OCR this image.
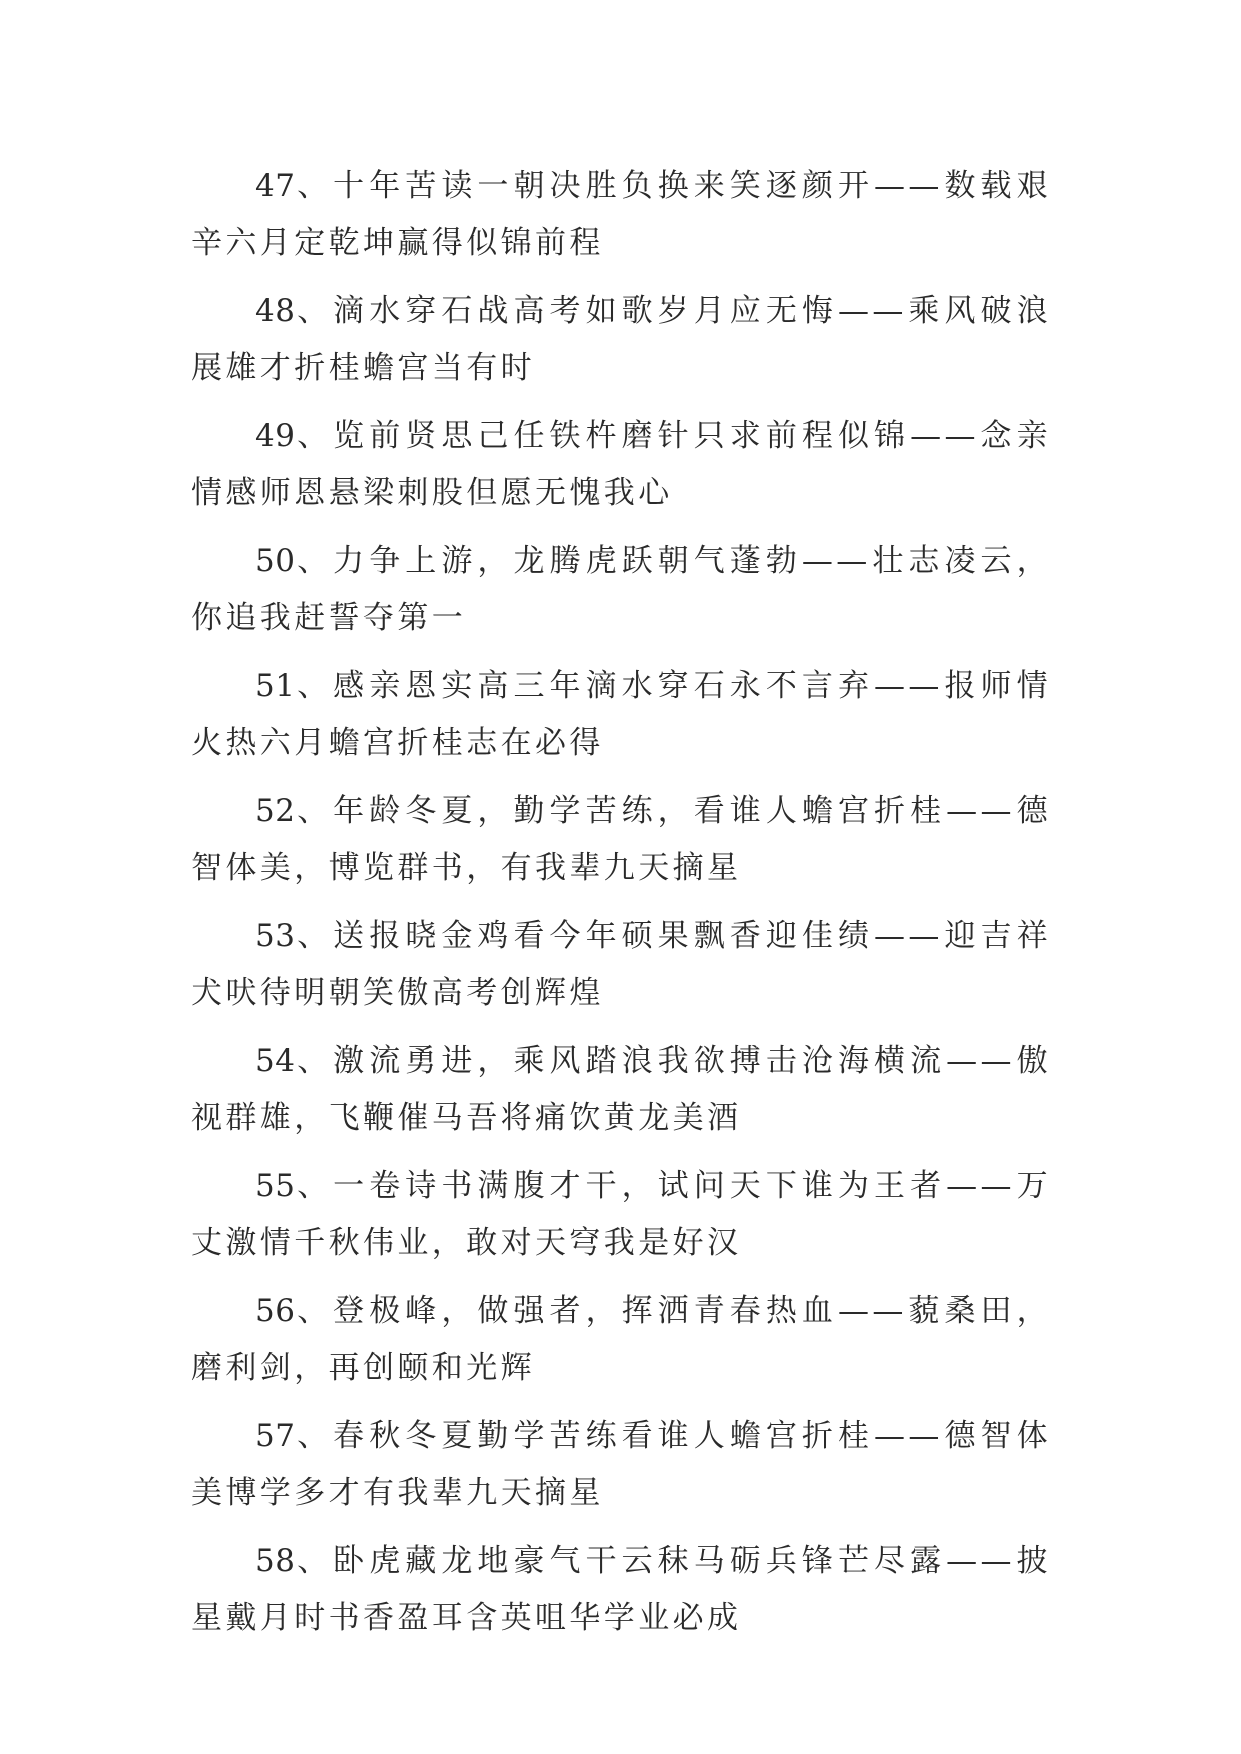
47、十年苦读一朝决胜负换来笑逐颜开——数载艰辛六月定乾坤赢得似锦前程

48、滴水穿石战高考如歌岁月应无悔——乘风破浪展雄才折桂蟾宫当有时

49、览前贤思己任铁杵磨针只求前程似锦——念亲情感师恩悬梁刺股但愿无愧我心

50、力争上游，龙腾虎跃朝气蓬勃——壮志凌云，你追我赶誓夺第一

51、感亲恩实高三年滴水穿石永不言弃——报师情火热六月蟾宫折桂志在必得

52、年龄冬夏，勤学苦练，看谁人蟾宫折桂——德智体美，博览群书，有我辈九天摘星

53、送报晓金鸡看今年硕果飘香迎佳绩——迎吉祥犬吠待明朝笑傲高考创辉煌

54、激流勇进，乘风踏浪我欲搏击沧海横流——傲视群雄，飞鞭催马吾将痛饮黄龙美酒

55、一卷诗书满腹才干，试问天下谁为王者——万丈激情千秋伟业，敢对天穹我是好汉

56、登极峰，做强者，挥洒青春热血——藐桑田，磨利剑，再创颐和光辉

57、春秋冬夏勤学苦练看谁人蟾宫折桂——德智体美博学多才有我辈九天摘星

58、卧虎藏龙地豪气干云秣马砺兵锋芒尽露——披星戴月时书香盈耳含英咀华学业必成
